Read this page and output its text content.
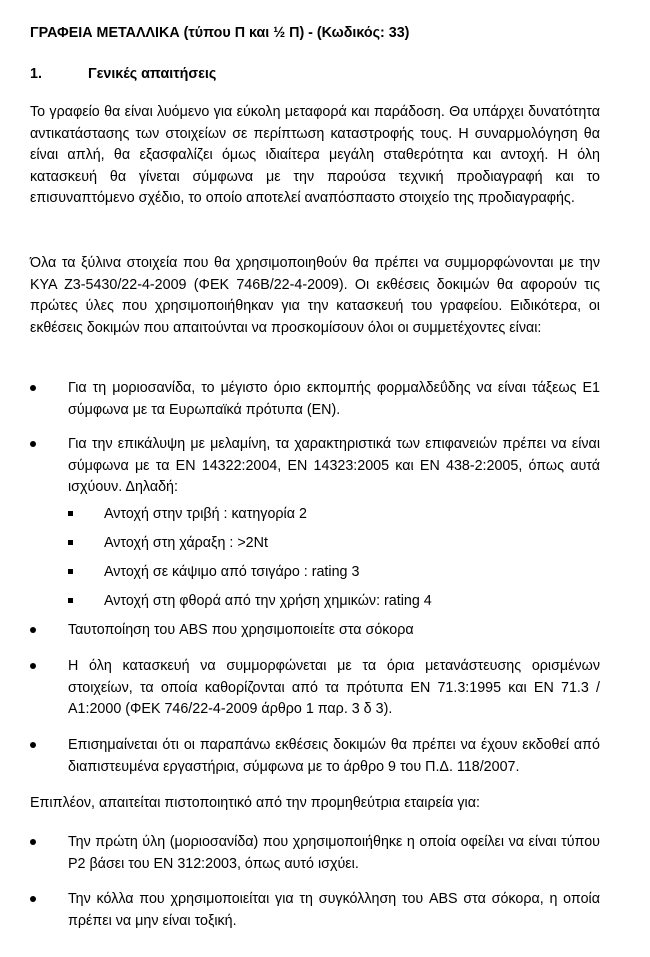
ΓΡΑΦΕΙΑ ΜΕΤΑΛΛΙΚΑ (τύπου Π και ½ Π) - (Κωδικός: 33)
1.	Γενικές απαιτήσεις
Το γραφείο θα είναι λυόμενο για εύκολη μεταφορά και παράδοση. Θα υπάρχει δυνατότητα αντικατάστασης των στοιχείων σε περίπτωση καταστροφής τους. Η συναρμολόγηση θα είναι απλή, θα εξασφαλίζει όμως ιδιαίτερα μεγάλη σταθερότητα και αντοχή. Η όλη κατασκευή θα γίνεται σύμφωνα με την παρούσα τεχνική προδιαγραφή και το επισυναπτόμενο σχέδιο, το οποίο αποτελεί αναπόσπαστο στοιχείο της προδιαγραφής.
Όλα τα ξύλινα στοιχεία που θα χρησιμοποιηθούν θα πρέπει να συμμορφώνονται με την ΚΥΑ Ζ3-5430/22-4-2009 (ΦΕΚ 746Β/22-4-2009). Οι εκθέσεις δοκιμών θα αφορούν τις πρώτες ύλες που χρησιμοποιήθηκαν για την κατασκευή του γραφείου. Ειδικότερα, οι εκθέσεις δοκιμών που απαιτούνται να προσκομίσουν όλοι οι συμμετέχοντες είναι:
Για τη μοριοσανίδα, το μέγιστο όριο εκπομπής φορμαλδεΰδης να είναι τάξεως Ε1 σύμφωνα με τα Ευρωπαϊκά πρότυπα (ΕΝ).
Για την επικάλυψη με μελαμίνη, τα χαρακτηριστικά των επιφανειών πρέπει να είναι σύμφωνα με τα ΕΝ 14322:2004, ΕΝ 14323:2005 και ΕΝ 438-2:2005, όπως αυτά ισχύουν. Δηλαδή:
Αντοχή στην τριβή : κατηγορία 2
Αντοχή στη χάραξη : >2Nt
Αντοχή σε κάψιμο από τσιγάρο : rating 3
Αντοχή στη φθορά από την χρήση χημικών: rating 4
Ταυτοποίηση του ABS που χρησιμοποιείτε στα σόκορα
Η όλη κατασκευή να συμμορφώνεται με τα όρια μετανάστευσης ορισμένων στοιχείων, τα οποία καθορίζονται από τα πρότυπα ΕΝ 71.3:1995 και ΕΝ 71.3 /Α1:2000 (ΦΕΚ 746/22-4-2009 άρθρο 1 παρ. 3 δ 3).
Επισημαίνεται ότι οι παραπάνω εκθέσεις δοκιμών θα πρέπει να έχουν εκδοθεί από διαπιστευμένα εργαστήρια, σύμφωνα με το άρθρο 9 του Π.Δ. 118/2007.
Επιπλέον, απαιτείται πιστοποιητικό από την προμηθεύτρια εταιρεία για:
Την πρώτη ύλη (μοριοσανίδα) που χρησιμοποιήθηκε η οποία οφείλει να είναι τύπου Ρ2 βάσει του ΕΝ 312:2003, όπως αυτό ισχύει.
Την κόλλα που χρησιμοποιείται για τη συγκόλληση του ABS στα σόκορα, η οποία πρέπει να μην είναι τοξική.
